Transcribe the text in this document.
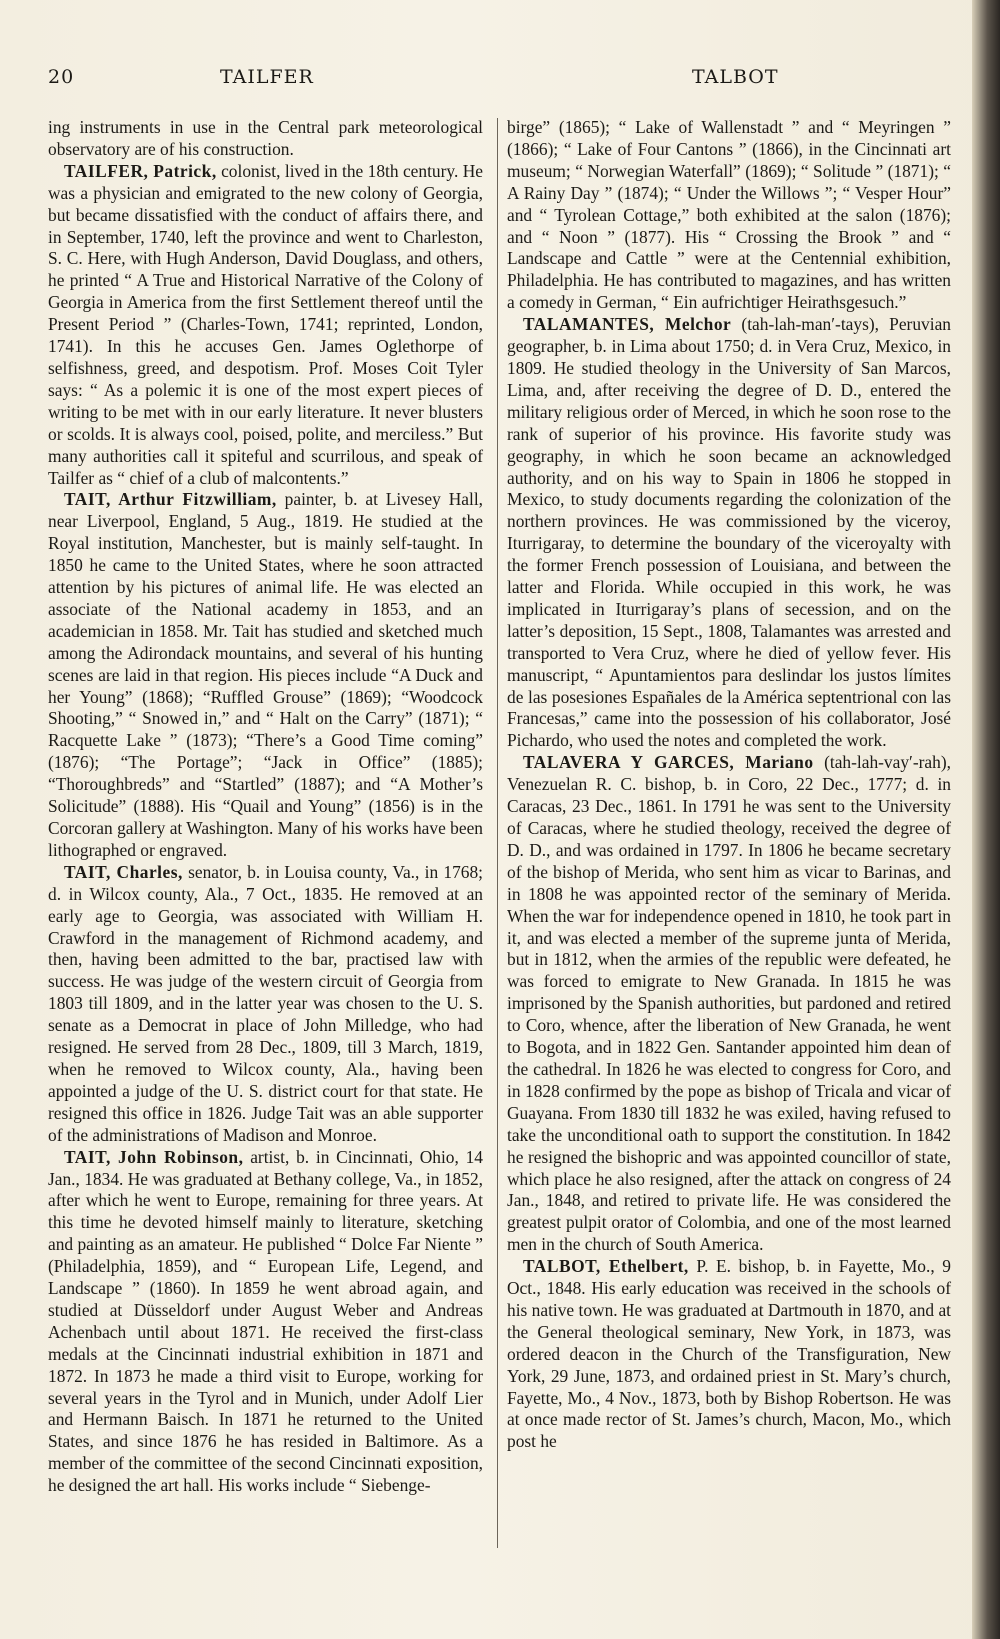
20	TAILFER	TALBOT

ing instruments in use in the Central park meteorological observatory are of his construction.

TAILFER, Patrick, colonist, lived in the 18th century. He was a physician and emigrated to the new colony of Georgia, but became dissatisfied with the conduct of affairs there, and in September, 1740, left the province and went to Charleston, S. C. Here, with Hugh Anderson, David Douglass, and others, he printed “ A True and Historical Narrative of the Colony of Georgia in America from the first Settlement thereof until the Present Period ” (Charles-Town, 1741; reprinted, London, 1741). In this he accuses Gen. James Oglethorpe of selfishness, greed, and despotism. Prof. Moses Coit Tyler says: “ As a polemic it is one of the most expert pieces of writing to be met with in our early literature. It never blusters or scolds. It is always cool, poised, polite, and merciless.” But many authorities call it spiteful and scurrilous, and speak of Tailfer as “ chief of a club of malcontents.”

TAIT, Arthur Fitzwilliam, painter, b. at Livesey Hall, near Liverpool, England, 5 Aug., 1819. He studied at the Royal institution, Manchester, but is mainly self-taught. In 1850 he came to the United States, where he soon attracted attention by his pictures of animal life. He was elected an associate of the National academy in 1853, and an academician in 1858. Mr. Tait has studied and sketched much among the Adirondack mountains, and several of his hunting scenes are laid in that region. His pieces include “A Duck and her Young” (1868); “Ruffled Grouse” (1869); “Woodcock Shooting,” “ Snowed in,” and “ Halt on the Carry” (1871); “ Racquette Lake ” (1873); “There’s a Good Time coming” (1876); “The Portage”; “Jack in Office” (1885); “Thoroughbreds” and “Startled” (1887); and “A Mother’s Solicitude” (1888). His “Quail and Young” (1856) is in the Corcoran gallery at Washington. Many of his works have been lithographed or engraved.

TAIT, Charles, senator, b. in Louisa county, Va., in 1768; d. in Wilcox county, Ala., 7 Oct., 1835. He removed at an early age to Georgia, was associated with William H. Crawford in the management of Richmond academy, and then, having been admitted to the bar, practised law with success. He was judge of the western circuit of Georgia from 1803 till 1809, and in the latter year was chosen to the U. S. senate as a Democrat in place of John Milledge, who had resigned. He served from 28 Dec., 1809, till 3 March, 1819, when he removed to Wilcox county, Ala., having been appointed a judge of the U. S. district court for that state. He resigned this office in 1826. Judge Tait was an able supporter of the administrations of Madison and Monroe.

TAIT, John Robinson, artist, b. in Cincinnati, Ohio, 14 Jan., 1834. He was graduated at Bethany college, Va., in 1852, after which he went to Europe, remaining for three years. At this time he devoted himself mainly to literature, sketching and painting as an amateur. He published “ Dolce Far Niente ” (Philadelphia, 1859), and “ European Life, Legend, and Landscape ” (1860). In 1859 he went abroad again, and studied at Düsseldorf under August Weber and Andreas Achenbach until about 1871. He received the first-class medals at the Cincinnati industrial exhibition in 1871 and 1872. In 1873 he made a third visit to Europe, working for several years in the Tyrol and in Munich, under Adolf Lier and Hermann Baisch. In 1871 he returned to the United States, and since 1876 he has resided in Baltimore. As a member of the committee of the second Cincinnati exposition, he designed the art hall. His works include “ Siebenge-

birge” (1865); “ Lake of Wallenstadt ” and “ Meyringen ” (1866); “ Lake of Four Cantons ” (1866), in the Cincinnati art museum; “ Norwegian Waterfall” (1869); “ Solitude ” (1871); “ A Rainy Day ” (1874); “ Under the Willows ”; “ Vesper Hour” and “ Tyrolean Cottage,” both exhibited at the salon (1876); and “ Noon ” (1877). His “ Crossing the Brook ” and “ Landscape and Cattle ” were at the Centennial exhibition, Philadelphia. He has contributed to magazines, and has written a comedy in German, “ Ein aufrichtiger Heirathsgesuch.”

TALAMANTES, Melchor (tah-lah-man′-tays), Peruvian geographer, b. in Lima about 1750; d. in Vera Cruz, Mexico, in 1809. He studied theology in the University of San Marcos, Lima, and, after receiving the degree of D. D., entered the military religious order of Merced, in which he soon rose to the rank of superior of his province. His favorite study was geography, in which he soon became an acknowledged authority, and on his way to Spain in 1806 he stopped in Mexico, to study documents regarding the colonization of the northern provinces. He was commissioned by the viceroy, Iturrigaray, to determine the boundary of the viceroyalty with the former French possession of Louisiana, and between the latter and Florida. While occupied in this work, he was implicated in Iturrigaray’s plans of secession, and on the latter’s deposition, 15 Sept., 1808, Talamantes was arrested and transported to Vera Cruz, where he died of yellow fever. His manuscript, “ Apuntamientos para deslindar los justos límites de las posesiones Españales de la América septentrional con las Francesas,” came into the possession of his collaborator, José Pichardo, who used the notes and completed the work.

TALAVERA Y GARCES, Mariano (tah-lah-vay′-rah), Venezuelan R. C. bishop, b. in Coro, 22 Dec., 1777; d. in Caracas, 23 Dec., 1861. In 1791 he was sent to the University of Caracas, where he studied theology, received the degree of D. D., and was ordained in 1797. In 1806 he became secretary of the bishop of Merida, who sent him as vicar to Barinas, and in 1808 he was appointed rector of the seminary of Merida. When the war for independence opened in 1810, he took part in it, and was elected a member of the supreme junta of Merida, but in 1812, when the armies of the republic were defeated, he was forced to emigrate to New Granada. In 1815 he was imprisoned by the Spanish authorities, but pardoned and retired to Coro, whence, after the liberation of New Granada, he went to Bogota, and in 1822 Gen. Santander appointed him dean of the cathedral. In 1826 he was elected to congress for Coro, and in 1828 confirmed by the pope as bishop of Tricala and vicar of Guayana. From 1830 till 1832 he was exiled, having refused to take the unconditional oath to support the constitution. In 1842 he resigned the bishopric and was appointed councillor of state, which place he also resigned, after the attack on congress of 24 Jan., 1848, and retired to private life. He was considered the greatest pulpit orator of Colombia, and one of the most learned men in the church of South America.

TALBOT, Ethelbert, P. E. bishop, b. in Fayette, Mo., 9 Oct., 1848. His early education was received in the schools of his native town. He was graduated at Dartmouth in 1870, and at the General theological seminary, New York, in 1873, was ordered deacon in the Church of the Transfiguration, New York, 29 June, 1873, and ordained priest in St. Mary’s church, Fayette, Mo., 4 Nov., 1873, both by Bishop Robertson. He was at once made rector of St. James’s church, Macon, Mo., which post he
